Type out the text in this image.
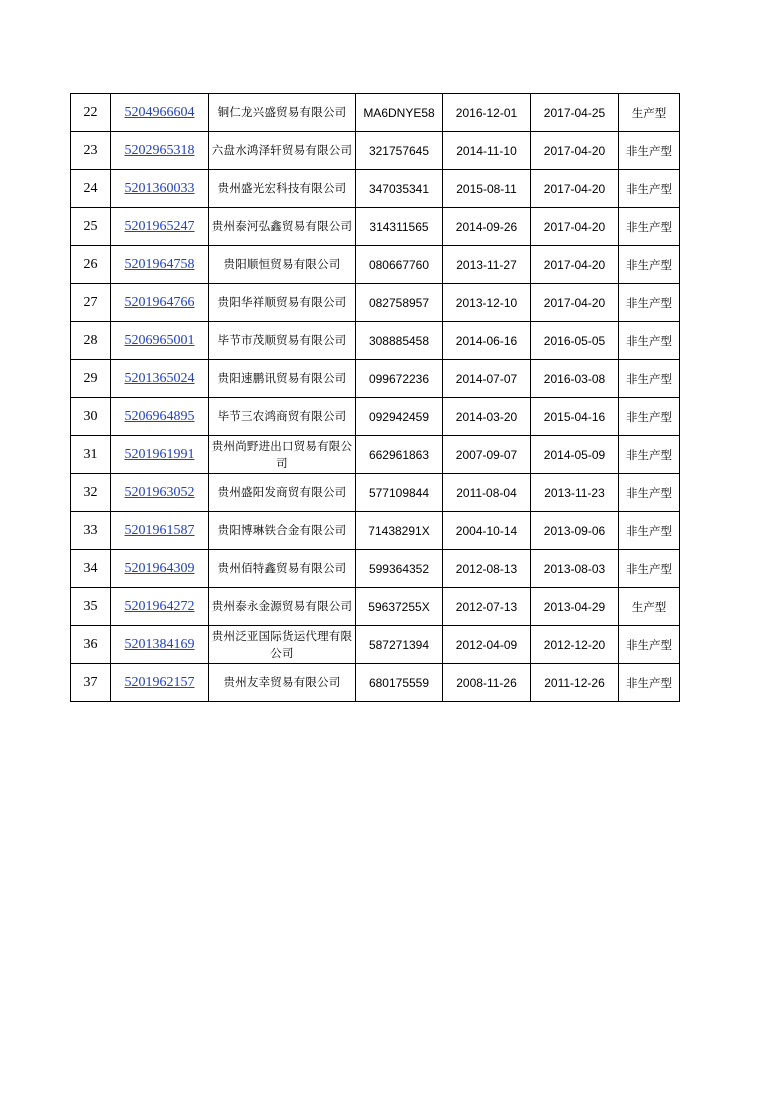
22	5204966604	铜仁龙兴盛贸易有限公司	MA6DNYE58	2016-12-01	2017-04-25	生产型
23	5202965318	六盘水鸿泽轩贸易有限公司	321757645	2014-11-10	2017-04-20	非生产型
24	5201360033	贵州盛光宏科技有限公司	347035341	2015-08-11	2017-04-20	非生产型
25	5201965247	贵州泰河弘鑫贸易有限公司	314311565	2014-09-26	2017-04-20	非生产型
26	5201964758	贵阳顺恒贸易有限公司	080667760	2013-11-27	2017-04-20	非生产型
27	5201964766	贵阳华祥顺贸易有限公司	082758957	2013-12-10	2017-04-20	非生产型
28	5206965001	毕节市茂顺贸易有限公司	308885458	2014-06-16	2016-05-05	非生产型
29	5201365024	贵阳速鹏讯贸易有限公司	099672236	2014-07-07	2016-03-08	非生产型
30	5206964895	毕节三农鸿商贸有限公司	092942459	2014-03-20	2015-04-16	非生产型
31	5201961991	贵州尚野进出口贸易有限公司	662961863	2007-09-07	2014-05-09	非生产型
32	5201963052	贵州盛阳发商贸有限公司	577109844	2011-08-04	2013-11-23	非生产型
33	5201961587	贵阳博琳铁合金有限公司	71438291X	2004-10-14	2013-09-06	非生产型
34	5201964309	贵州佰特鑫贸易有限公司	599364352	2012-08-13	2013-08-03	非生产型
35	5201964272	贵州泰永金源贸易有限公司	59637255X	2012-07-13	2013-04-29	生产型
36	5201384169	贵州泛亚国际货运代理有限公司	587271394	2012-04-09	2012-12-20	非生产型
37	5201962157	贵州友幸贸易有限公司	680175559	2008-11-26	2011-12-26	非生产型
